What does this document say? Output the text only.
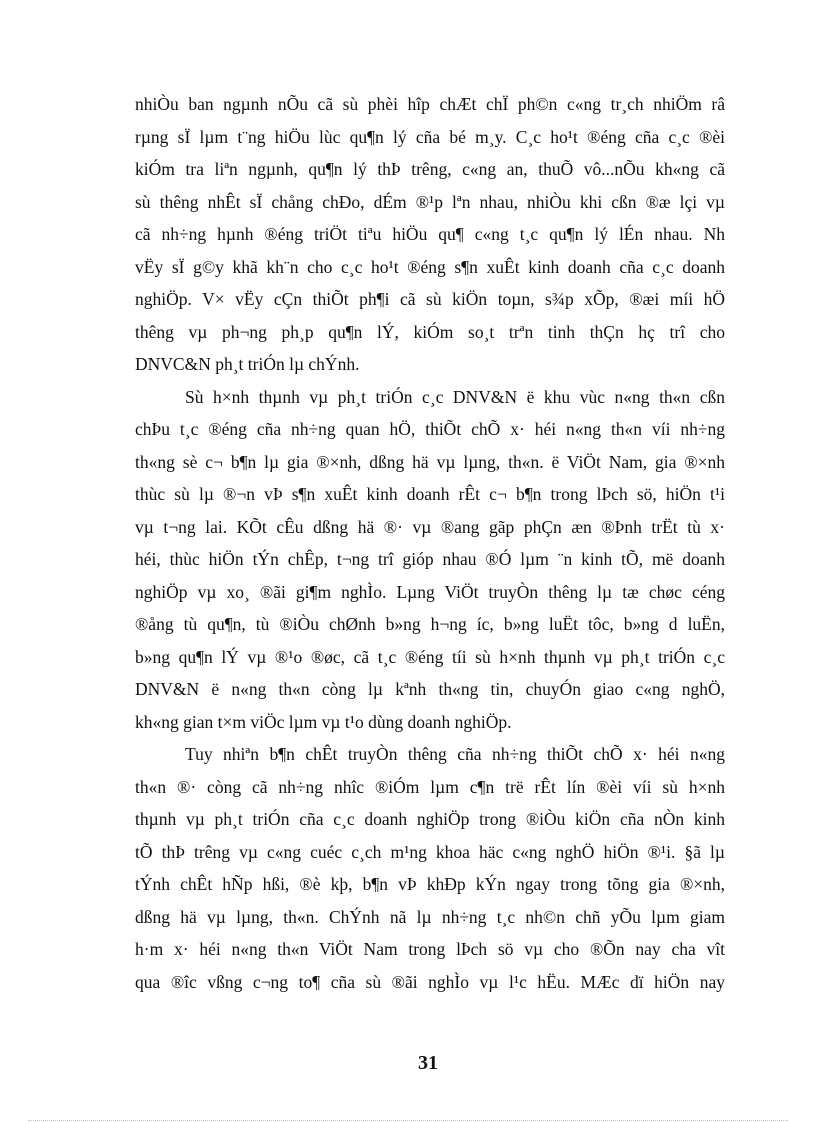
nhiÒu ban ngµnh nÕu cã sù phèi hîp chÆt chÏ ph©n c«ng tr¸ch nhiÖm râ
rµng sÏ lµm t¨ng hiÖu lùc qu¶n lý cña bé m¸y. C¸c ho¹t ®éng cña c¸c ®èi
kiÓm tra liªn ngµnh, qu¶n lý thÞ trêng, c«ng an, thuÕ vô...nÕu kh«ng cã
sù thêng nhÊt sÏ chång chÐo, dÉm ®¹p lªn nhau, nhiÒu khi cßn ®æ lçi vµ
cã nh÷ng hµnh ®éng triÖt tiªu hiÖu qu¶ c«ng t¸c qu¶n lý lÉn nhau. Nh
vËy sÏ g©y khã kh¨n cho c¸c ho¹t ®éng s¶n xuÊt kinh doanh cña c¸c doanh
nghiÖp. V× vËy cÇn thiÕt ph¶i cã sù kiÖn toµn, s¾p xÕp, ®æi míi hÖ
thêng vµ ph¬ng ph¸p qu¶n lÝ, kiÓm so¸t trªn tinh thÇn hç trî cho
DNVC&N ph¸t triÓn lµ chÝnh.
Sù h×nh thµnh vµ ph¸t triÓn c¸c DNV&N ë khu vùc n«ng th«n cßn
chÞu t¸c ®éng cña nh÷ng quan hÖ, thiÕt chÕ x· héi n«ng th«n víi nh÷ng
th«ng sè c¬ b¶n lµ gia ®×nh, dßng hä vµ lµng, th«n. ë ViÖt Nam, gia ®×nh
thùc sù lµ ®¬n vÞ s¶n xuÊt kinh doanh rÊt c¬ b¶n trong lÞch sö, hiÖn t¹i
vµ t¬ng lai. KÕt cÊu dßng hä ®· vµ ®ang gãp phÇn æn ®Þnh trËt tù x·
héi, thùc hiÖn tÝn chÊp, t¬ng trî gióp nhau ®Ó lµm ¨n kinh tÕ, më doanh
nghiÖp vµ xo¸ ®ãi gi¶m nghÌo. Lµng ViÖt truyÒn thêng lµ tæ chøc céng
®ång tù qu¶n, tù ®iÒu chØnh b»ng h¬ng íc, b»ng luËt tôc, b»ng d luËn,
b»ng qu¶n lÝ vµ ®¹o ®øc, cã t¸c ®éng tíi sù h×nh thµnh vµ ph¸t triÓn c¸c
DNV&N ë n«ng th«n còng lµ kªnh th«ng tin, chuyÓn giao c«ng nghÖ,
kh«ng gian t×m viÖc lµm vµ t¹o dùng doanh nghiÖp.
Tuy nhiªn b¶n chÊt truyÒn thêng cña nh÷ng thiÕt chÕ x· héi n«ng
th«n ®· còng cã nh÷ng nhîc ®iÓm lµm c¶n trë rÊt lín ®èi víi sù h×nh
thµnh vµ ph¸t triÓn cña c¸c doanh nghiÖp trong ®iÒu kiÖn cña nÒn kinh
tÕ thÞ trêng vµ c«ng cuéc c¸ch m¹ng khoa häc c«ng nghÖ hiÖn ®¹i. §ã lµ
tÝnh chÊt hÑp hßi, ®è kþ, b¶n vÞ khÐp kÝn ngay trong tõng gia ®×nh,
dßng hä vµ lµng, th«n. ChÝnh nã lµ nh÷ng t¸c nh©n chñ yÕu lµm giam
h·m x· héi n«ng th«n ViÖt Nam trong lÞch sö vµ cho ®Õn nay cha vît
qua ®îc vßng c¬ng to¶ cña sù ®ãi nghÌo vµ l¹c hËu. MÆc dï hiÖn nay
31
